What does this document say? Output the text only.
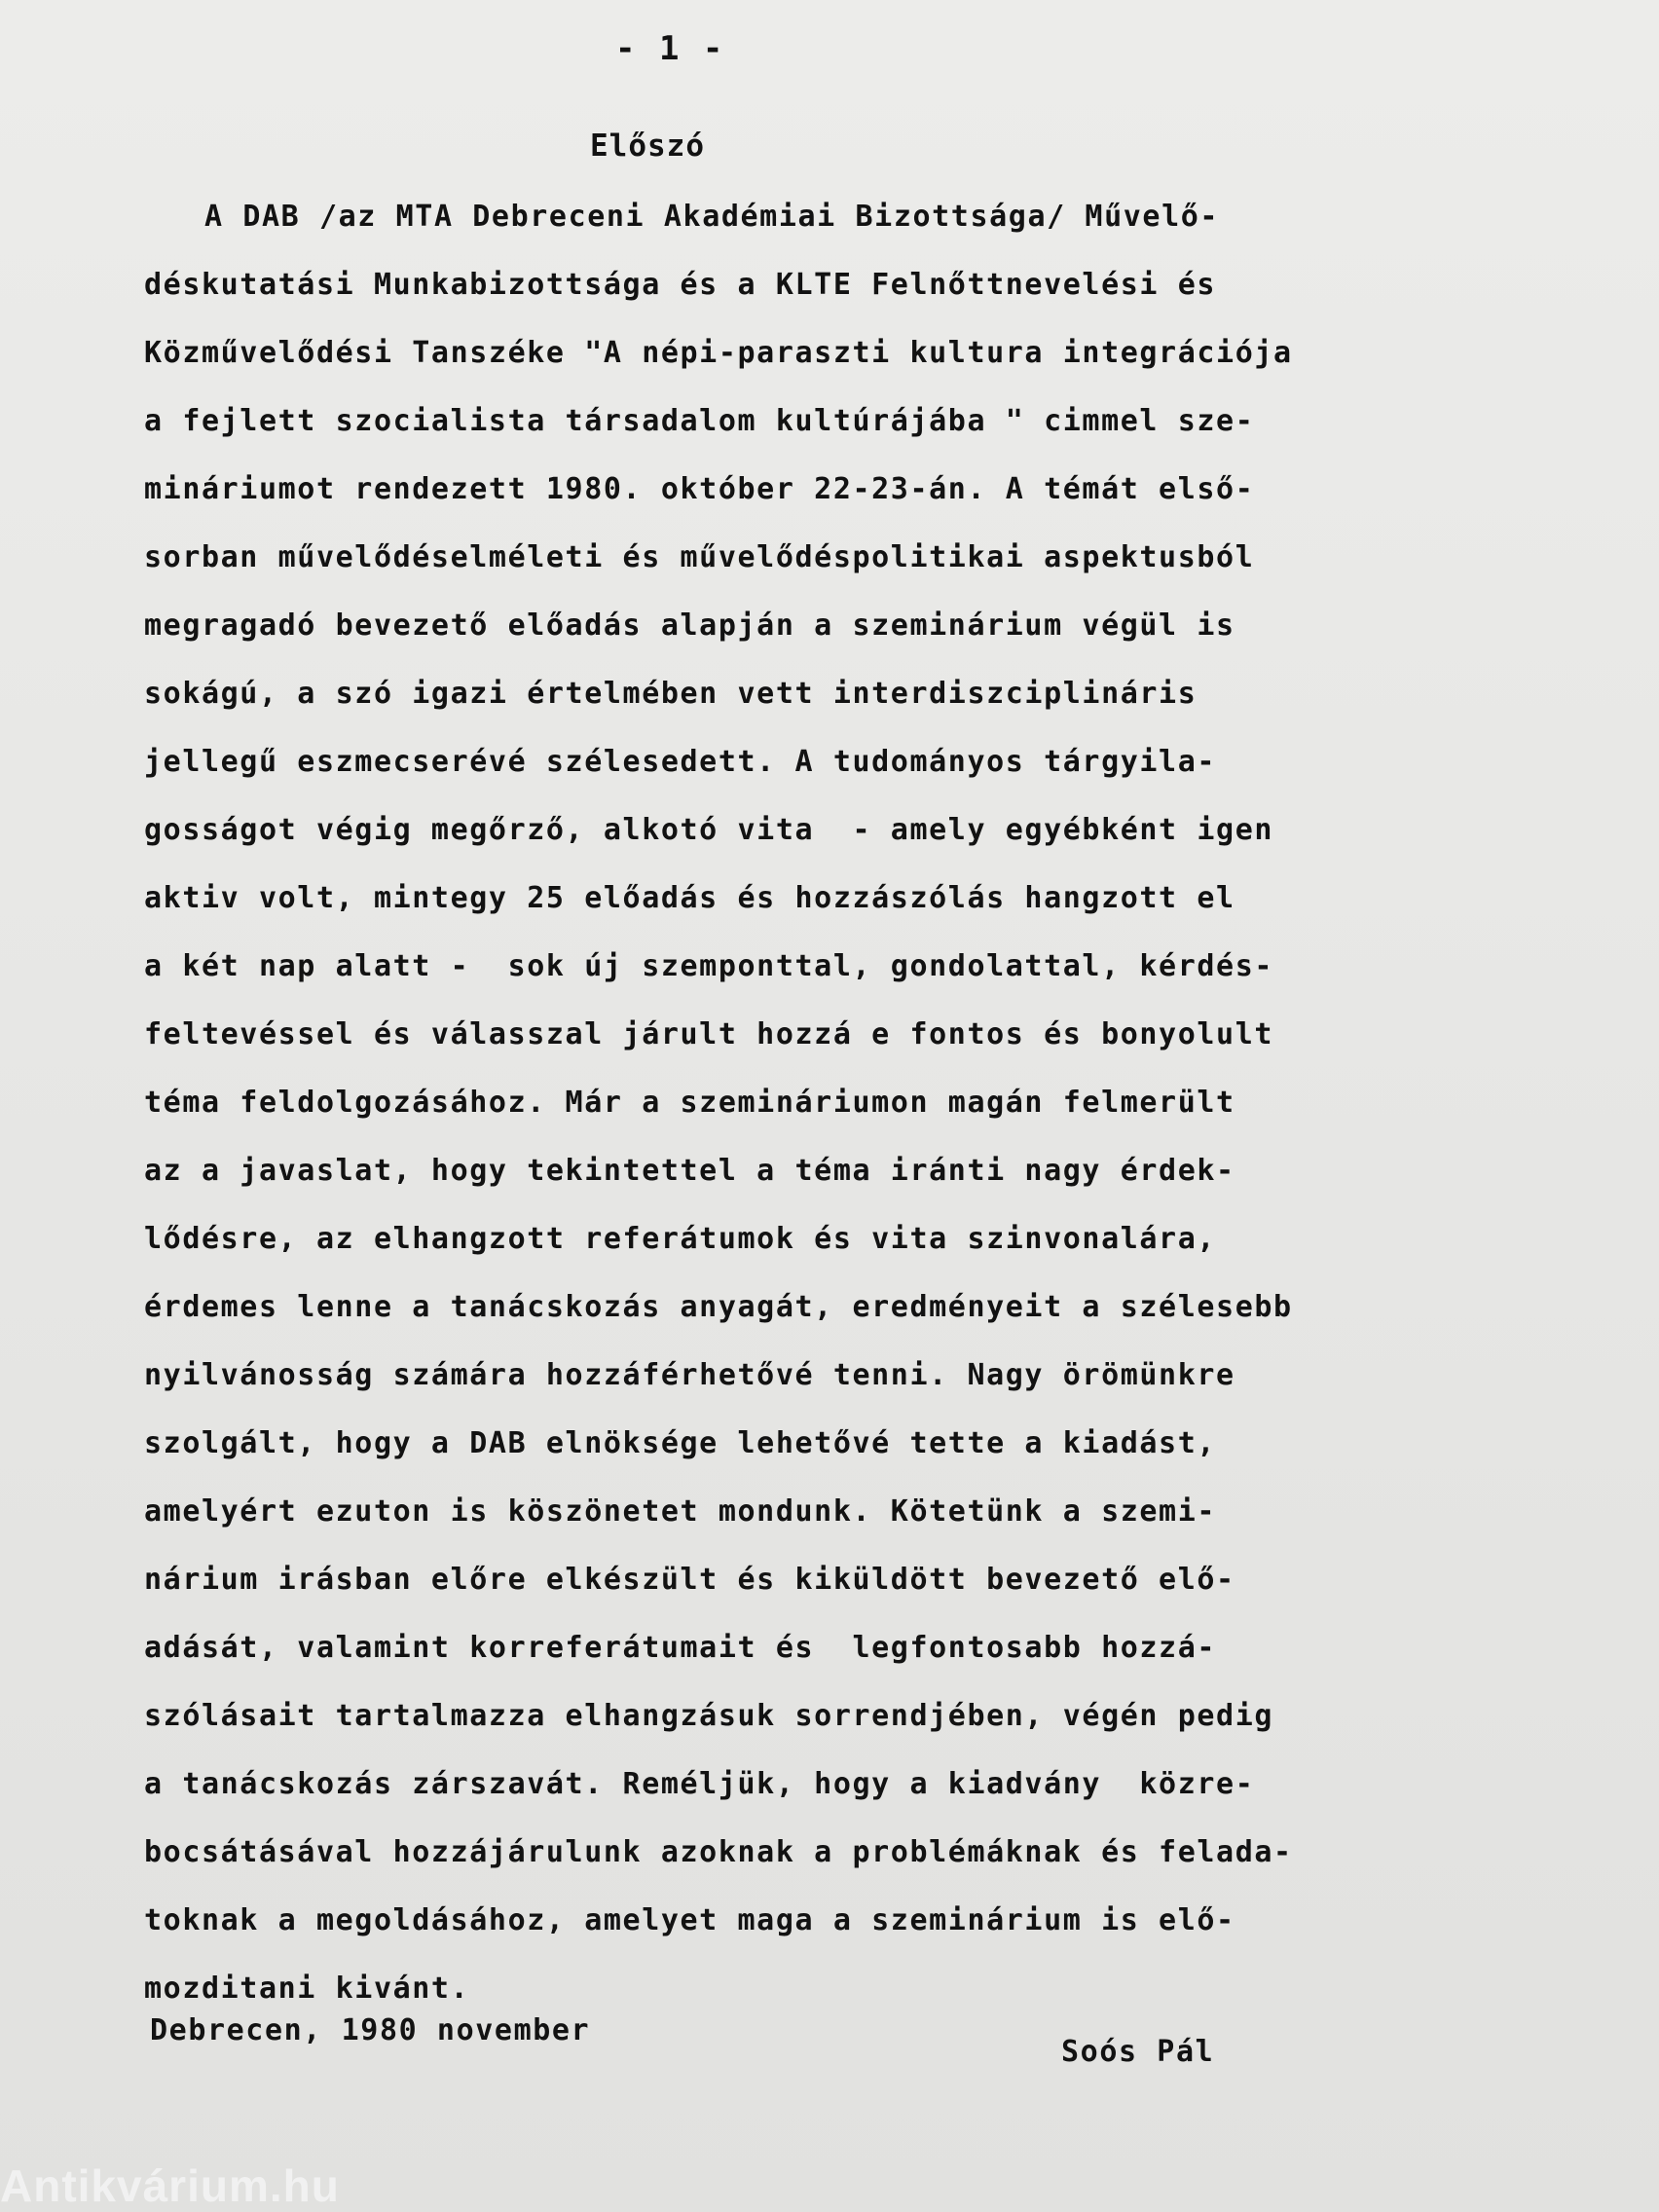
- 1 -
Előszó
A DAB /az MTA Debreceni Akadémiai Bizottsága/ Művelő-
déskutatási Munkabizottsága és a KLTE Felnőttnevelési és
Közművelődési Tanszéke "A népi-paraszti kultura integrációja
a fejlett szocialista társadalom kultúrájába " cimmel sze-
mináriumot rendezett 1980. október 22-23-án. A témát első-
sorban művelődéselméleti és művelődéspolitikai aspektusból
megragadó bevezető előadás alapján a szeminárium végül is
sokágú, a szó igazi értelmében vett interdiszciplináris
jellegű eszmecserévé szélesedett. A tudományos tárgyila-
gosságot végig megőrző, alkotó vita  - amely egyébként igen
aktiv volt, mintegy 25 előadás és hozzászólás hangzott el
a két nap alatt -  sok új szemponttal, gondolattal, kérdés-
feltevéssel és válasszal járult hozzá e fontos és bonyolult
téma feldolgozásához. Már a szemináriumon magán felmerült
az a javaslat, hogy tekintettel a téma iránti nagy érdek-
lődésre, az elhangzott referátumok és vita szinvonalára,
érdemes lenne a tanácskozás anyagát, eredményeit a szélesebb
nyilvánosság számára hozzáférhetővé tenni. Nagy örömünkre
szolgált, hogy a DAB elnöksége lehetővé tette a kiadást,
amelyért ezuton is köszönetet mondunk. Kötetünk a szemi-
nárium irásban előre elkészült és kiküldött bevezető elő-
adását, valamint korreferátumait és  legfontosabb hozzá-
szólásait tartalmazza elhangzásuk sorrendjében, végén pedig
a tanácskozás zárszavát. Reméljük, hogy a kiadvány  közre-
bocsátásával hozzájárulunk azoknak a problémáknak és felada-
toknak a megoldásához, amelyet maga a szeminárium is elő-
mozditani kivánt.
Debrecen, 1980 november
Soós Pál
Antikvárium.hu
